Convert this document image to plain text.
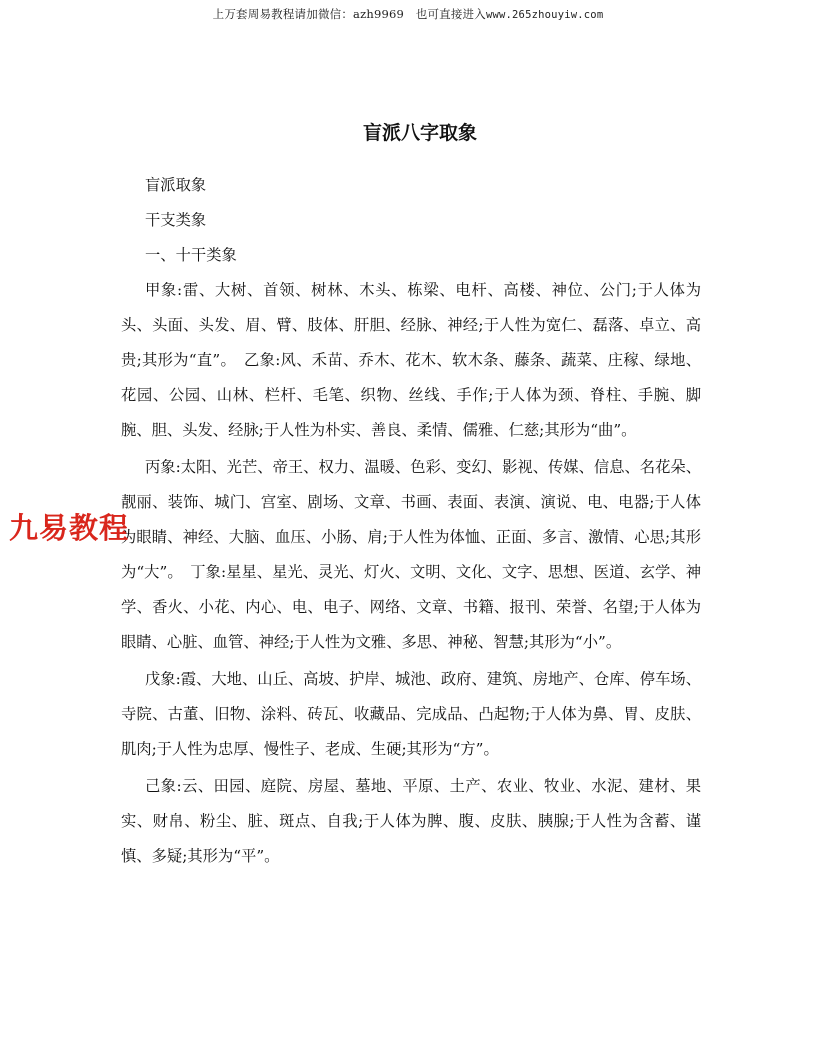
上万套周易教程请加微信：azh9969　也可直接进入www.265zhouyiw.com
盲派八字取象

盲派取象

干支类象

一、十干类象

甲象:雷、大树、首领、树林、木头、栋梁、电杆、高楼、神位、公门;于人体为头、头面、头发、眉、臂、肢体、肝胆、经脉、神经;于人性为宽仁、磊落、卓立、高贵;其形为“直”。　乙象:风、禾苗、乔木、花木、软木条、藤条、蔬菜、庄稼、绿地、花园、公园、山林、栏杆、毛笔、织物、丝线、手作;于人体为颈、脊柱、手腕、脚腕、胆、头发、经脉;于人性为朴实、善良、柔情、儒雅、仁慈;其形为“曲”。

丙象:太阳、光芒、帝王、权力、温暖、色彩、变幻、影视、传媒、信息、名花朵、靓丽、装饰、城门、宫室、剧场、文章、书画、表面、表演、演说、电、电器;于人体为眼睛、神经、大脑、血压、小肠、肩;于人性为体恤、正面、多言、激情、心思;其形为“大”。　丁象:星星、星光、灵光、灯火、文明、文化、文字、思想、医道、玄学、神学、香火、小花、内心、电、电子、网络、文章、书籍、报刊、荣誉、名望;于人体为眼睛、心脏、血管、神经;于人性为文雅、多思、神秘、智慧;其形为“小”。

戊象:霞、大地、山丘、高坡、护岸、城池、政府、建筑、房地产、仓库、停车场、寺院、古董、旧物、涂料、砖瓦、收藏品、完成品、凸起物;于人体为鼻、胃、皮肤、肌肉;于人性为忠厚、慢性子、老成、生硬;其形为“方”。

己象:云、田园、庭院、房屋、墓地、平原、土产、农业、牧业、水泥、建材、果实、财帛、粉尘、脏、斑点、自我;于人体为脾、腹、皮肤、胰腺;于人性为含蓄、谨慎、多疑;其形为“平”。

九易教程
